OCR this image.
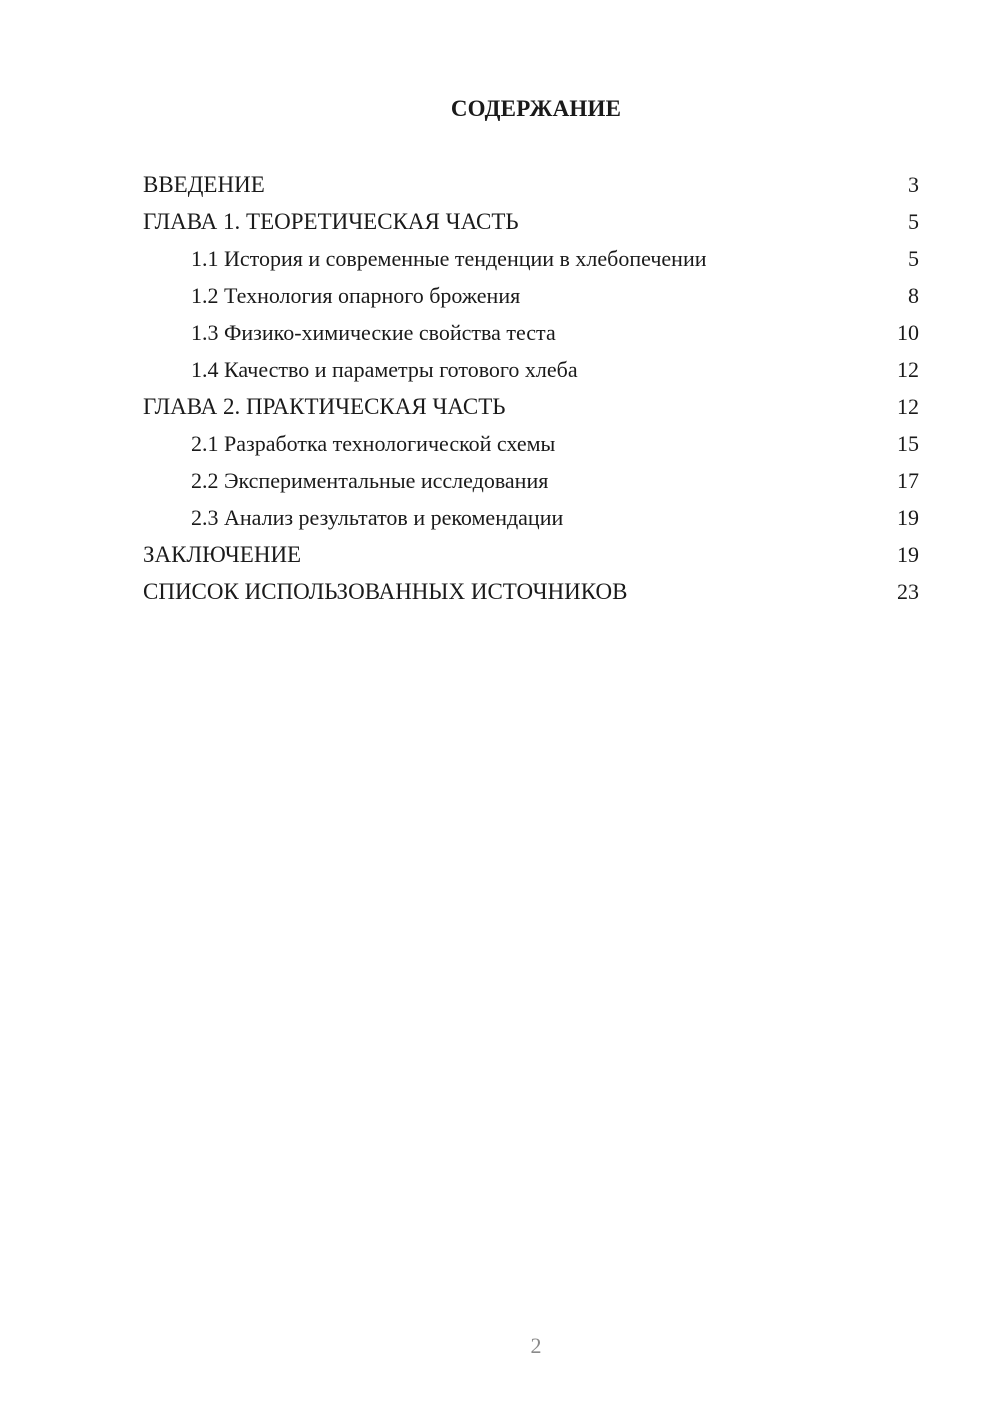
СОДЕРЖАНИЕ
ВВЕДЕНИЕ	3
ГЛАВА 1. ТЕОРЕТИЧЕСКАЯ ЧАСТЬ	5
1.1 История и современные тенденции в хлебопечении	5
1.2 Технология опарного брожения	8
1.3 Физико-химические свойства теста	10
1.4 Качество и параметры готового хлеба	12
ГЛАВА 2. ПРАКТИЧЕСКАЯ ЧАСТЬ	12
2.1 Разработка технологической схемы	15
2.2 Экспериментальные исследования	17
2.3 Анализ результатов и рекомендации	19
ЗАКЛЮЧЕНИЕ	19
СПИСОК ИСПОЛЬЗОВАННЫХ ИСТОЧНИКОВ	23
2
